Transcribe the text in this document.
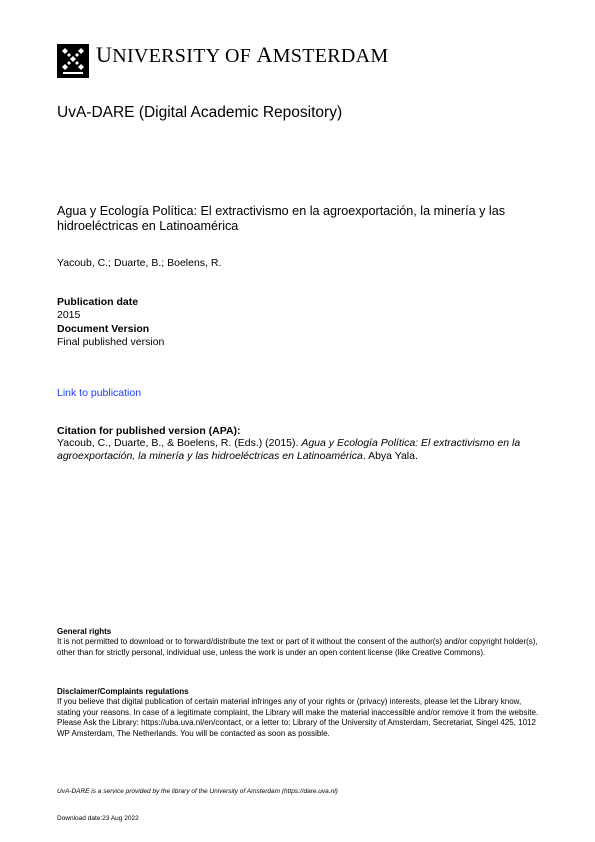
UNIVERSITY OF AMSTERDAM
UvA-DARE (Digital Academic Repository)
Agua y Ecología Política: El extractivismo en la agroexportación, la minería y las hidroeléctricas en Latinoamérica
Yacoub, C.; Duarte, B.; Boelens, R.
Publication date
2015
Document Version
Final published version
Link to publication
Citation for published version (APA):
Yacoub, C., Duarte, B., & Boelens, R. (Eds.) (2015). Agua y Ecología Política: El extractivismo en la agroexportación, la minería y las hidroeléctricas en Latinoamérica. Abya Yala.
General rights
It is not permitted to download or to forward/distribute the text or part of it without the consent of the author(s) and/or copyright holder(s), other than for strictly personal, individual use, unless the work is under an open content license (like Creative Commons).
Disclaimer/Complaints regulations
If you believe that digital publication of certain material infringes any of your rights or (privacy) interests, please let the Library know, stating your reasons. In case of a legitimate complaint, the Library will make the material inaccessible and/or remove it from the website. Please Ask the Library: https://uba.uva.nl/en/contact, or a letter to: Library of the University of Amsterdam, Secretariat, Singel 425, 1012 WP Amsterdam, The Netherlands. You will be contacted as soon as possible.
UvA-DARE is a service provided by the library of the University of Amsterdam (https://dare.uva.nl)
Download date:23 Aug 2022
